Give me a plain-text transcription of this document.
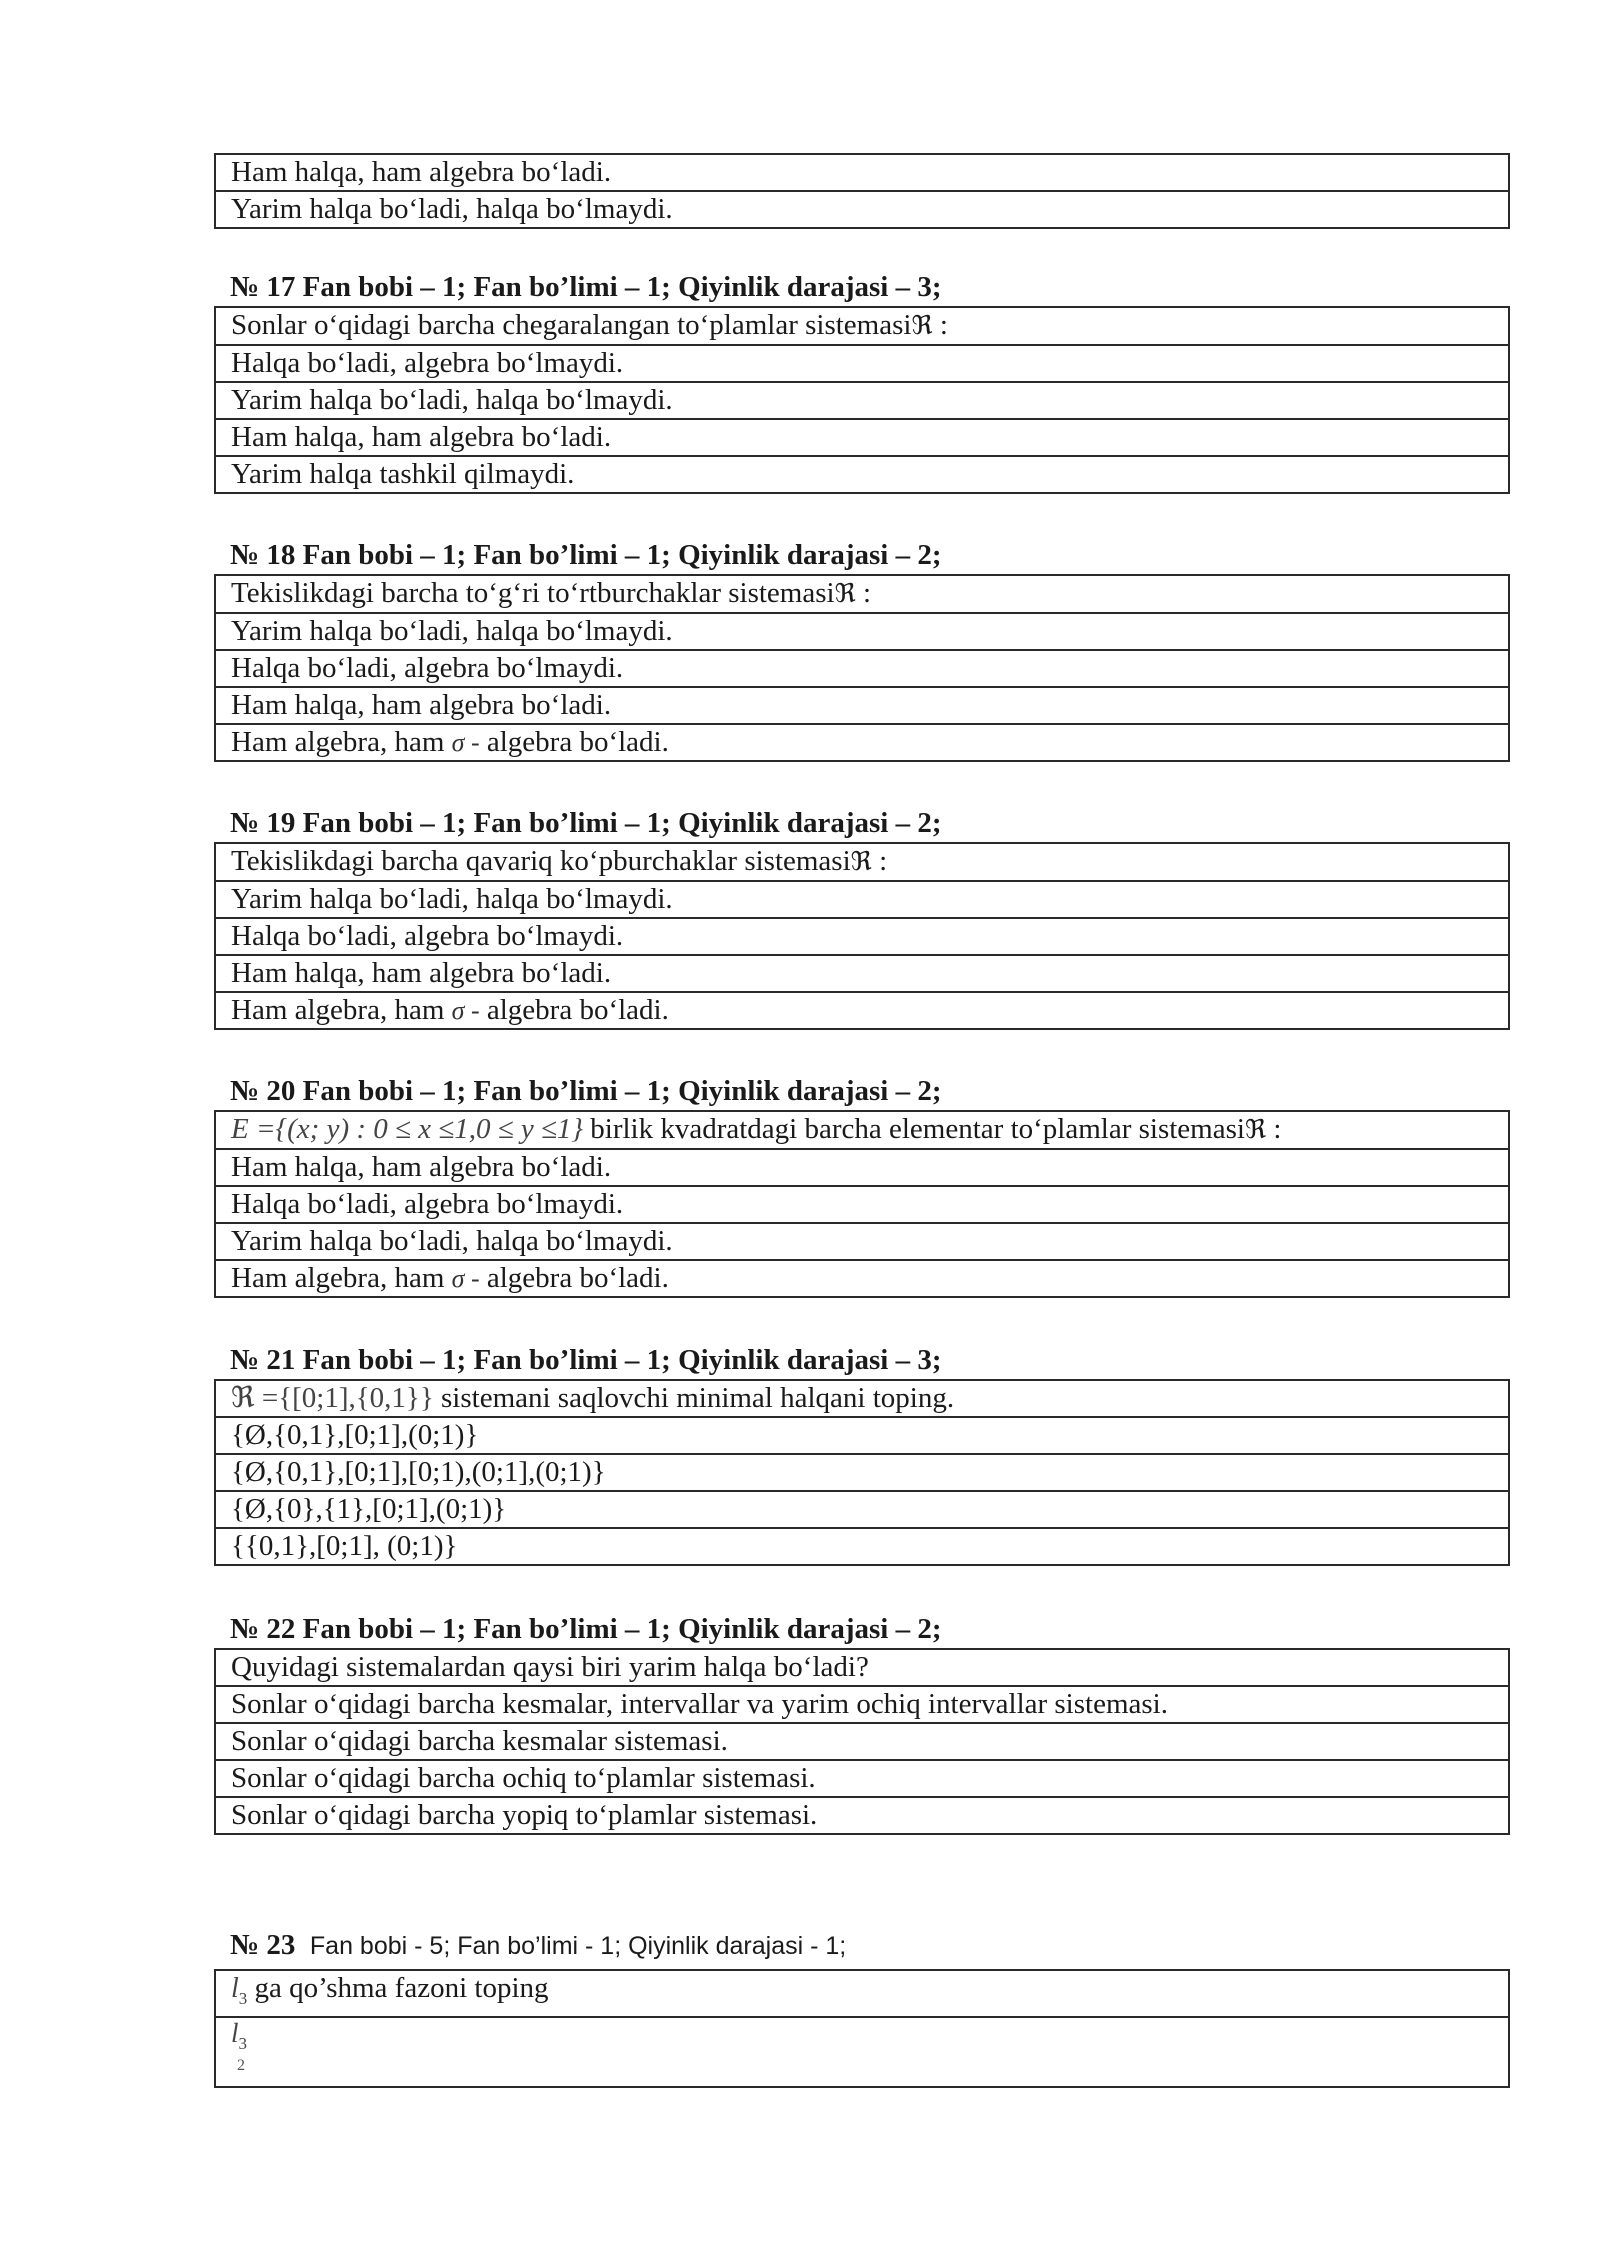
Ham halqa, ham algebra bo‘ladi.
Yarim halqa bo‘ladi, halqa bo‘lmaydi.
№ 17 Fan bobi – 1; Fan bo’limi – 1; Qiyinlik darajasi – 3;
Sonlar o‘qidagi barcha chegaralangan to‘plamlar sistemasiℜ :
Halqa bo‘ladi, algebra bo‘lmaydi.
Yarim halqa bo‘ladi, halqa bo‘lmaydi.
Ham halqa, ham algebra bo‘ladi.
Yarim halqa tashkil qilmaydi.
№ 18 Fan bobi – 1; Fan bo’limi – 1; Qiyinlik darajasi – 2;
Tekislikdagi barcha to‘g‘ri to‘rtburchaklar sistemasiℜ :
Yarim halqa bo‘ladi, halqa bo‘lmaydi.
Halqa bo‘ladi, algebra bo‘lmaydi.
Ham halqa, ham algebra bo‘ladi.
Ham algebra, ham σ - algebra bo‘ladi.
№ 19 Fan bobi – 1; Fan bo’limi – 1; Qiyinlik darajasi – 2;
Tekislikdagi barcha qavariq ko‘pburchaklar sistemasiℜ :
Yarim halqa bo‘ladi, halqa bo‘lmaydi.
Halqa bo‘ladi, algebra bo‘lmaydi.
Ham halqa, ham algebra bo‘ladi.
Ham algebra, ham σ - algebra bo‘ladi.
№ 20 Fan bobi – 1; Fan bo’limi – 1; Qiyinlik darajasi – 2;
E ={(x; y) : 0 ≤ x ≤1,0 ≤ y ≤1} birlik kvadratdagi barcha elementar to‘plamlar sistemasiℜ :
Ham halqa, ham algebra bo‘ladi.
Halqa bo‘ladi, algebra bo‘lmaydi.
Yarim halqa bo‘ladi, halqa bo‘lmaydi.
Ham algebra, ham σ - algebra bo‘ladi.
№ 21 Fan bobi – 1; Fan bo’limi – 1; Qiyinlik darajasi – 3;
ℜ ={[0;1],{0,1}} sistemani saqlovchi minimal halqani toping.
{Ø,{0,1},[0;1],(0;1)}
{Ø,{0,1},[0;1],[0;1),(0;1],(0;1)}
{Ø,{0},{1},[0;1],(0;1)}
{{0,1},[0;1], (0;1)}
№ 22 Fan bobi – 1; Fan bo’limi – 1; Qiyinlik darajasi – 2;
Quyidagi sistemalardan qaysi biri yarim halqa bo‘ladi?
Sonlar o‘qidagi barcha kesmalar, intervallar va yarim ochiq intervallar sistemasi.
Sonlar o‘qidagi barcha kesmalar sistemasi.
Sonlar o‘qidagi barcha ochiq to‘plamlar sistemasi.
Sonlar o‘qidagi barcha yopiq to‘plamlar sistemasi.
№ 23 Fan bobi - 5; Fan bo’limi - 1; Qiyinlik darajasi - 1;
$l_3$ ga qo’shma fazoni toping

$l_3$
2
